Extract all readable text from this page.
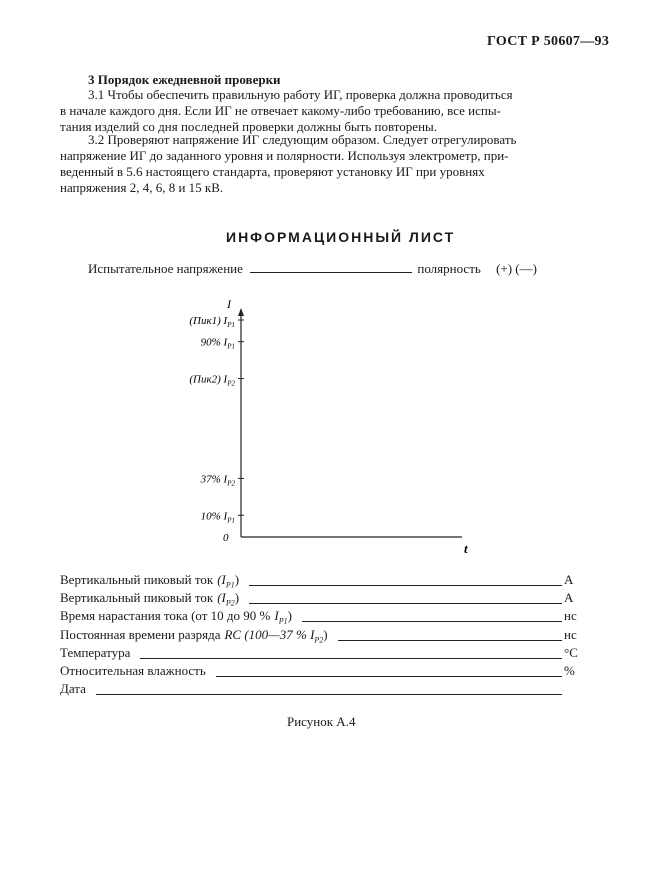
ГОСТ Р 50607—93
3 Порядок ежедневной проверки
3.1 Чтобы обеспечить правильную работу ИГ, проверка должна проводиться
в начале каждого дня. Если ИГ не отвечает какому-либо требованию, все испы-
тания изделий со дня последней проверки должны быть повторены.
3.2 Проверяют напряжение ИГ следующим образом. Следует отрегулировать
напряжение ИГ до заданного уровня и полярности. Используя электрометр, при-
веденный в 5.6 настоящего стандарта, проверяют установку ИГ при уровнях
напряжения 2, 4, 6, 8 и 15 кВ.
ИНФОРМАЦИОННЫЙ ЛИСТ
Испытательное напряжение	полярность (+) (—)
I
t
0
(Пик1) $I_{P1}$
90% $I_{P1}$
(Пик2) $I_{P2}$
37% $I_{P2}$
10% $I_{P1}$
Вертикальный пиковый ток $(I_{P1})$	А
Вертикальный пиковый ток $(I_{P2})$	А
Время нарастания тока (от 10 до 90 % $I_{P1}$)	нс
Постоянная времени разряда RC (100—37 % $I_{P2}$)	нс
Температура	°С
Относительная влажность	%
Дата
Рисунок А.4
